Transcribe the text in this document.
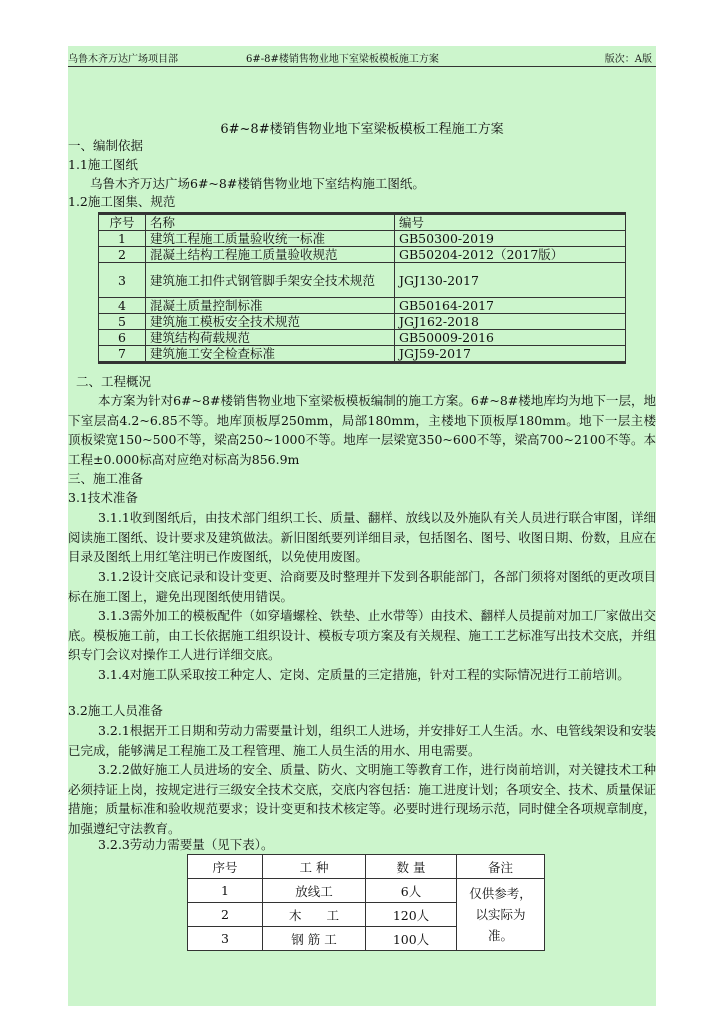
乌鲁木齐万达广场项目部	6#-8#楼销售物业地下室梁板模板施工方案	版次：A版
6#~8#楼销售物业地下室梁板模板工程施工方案
一、编制依据
1.1施工图纸
乌鲁木齐万达广场6#~8#楼销售物业地下室结构施工图纸。
1.2施工图集、规范
序号	名称	编号
1	建筑工程施工质量验收统一标准	GB50300-2019
2	混凝土结构工程施工质量验收规范	GB50204-2012（2017版）
3	建筑施工扣件式钢管脚手架安全技术规范	JGJ130-2017
4	混凝土质量控制标准	GB50164-2017
5	建筑施工模板安全技术规范	JGJ162-2018
6	建筑结构荷载规范	GB50009-2016
7	建筑施工安全检查标准	JGJ59-2017
二、工程概况
本方案为针对6#~8#楼销售物业地下室梁板模板编制的施工方案。6#~8#楼地库均为地下一层，地下室层高4.2~6.85不等。地库顶板厚250mm，局部180mm，主楼地下顶板厚180mm。地下一层主楼顶板梁宽150~500不等，梁高250~1000不等。地库一层梁宽350~600不等，梁高700~2100不等。本工程±0.000标高对应绝对标高为856.9m
三、施工准备
3.1技术准备
3.1.1收到图纸后，由技术部门组织工长、质量、翻样、放线以及外施队有关人员进行联合审图，详细阅读施工图纸、设计要求及建筑做法。新旧图纸要列详细目录，包括图名、图号、收图日期、份数，且应在目录及图纸上用红笔注明已作废图纸，以免使用废图。
3.1.2设计交底记录和设计变更、洽商要及时整理并下发到各职能部门，各部门须将对图纸的更改项目标在施工图上，避免出现图纸使用错误。
3.1.3需外加工的模板配件（如穿墙螺栓、铁垫、止水带等）由技术、翻样人员提前对加工厂家做出交底。模板施工前，由工长依据施工组织设计、模板专项方案及有关规程、施工工艺标准写出技术交底，并组织专门会议对操作工人进行详细交底。
3.1.4对施工队采取按工种定人、定岗、定质量的三定措施，针对工程的实际情况进行工前培训。
3.2施工人员准备
3.2.1根据开工日期和劳动力需要量计划，组织工人进场，并安排好工人生活。水、电管线架设和安装已完成，能够满足工程施工及工程管理、施工人员生活的用水、用电需要。
3.2.2做好施工人员进场的安全、质量、防火、文明施工等教育工作，进行岗前培训，对关键技术工种必须持证上岗，按规定进行三级安全技术交底，交底内容包括：施工进度计划；各项安全、技术、质量保证措施；质量标准和验收规范要求；设计变更和技术核定等。必要时进行现场示范，同时健全各项规章制度，加强遵纪守法教育。
3.2.3劳动力需要量（见下表）。
序号	工 种	数 量	备注
1	放线工	6人	仅供参考，以实际为准。
2	木　　工	120人	
3	钢 筋 工	100人	
